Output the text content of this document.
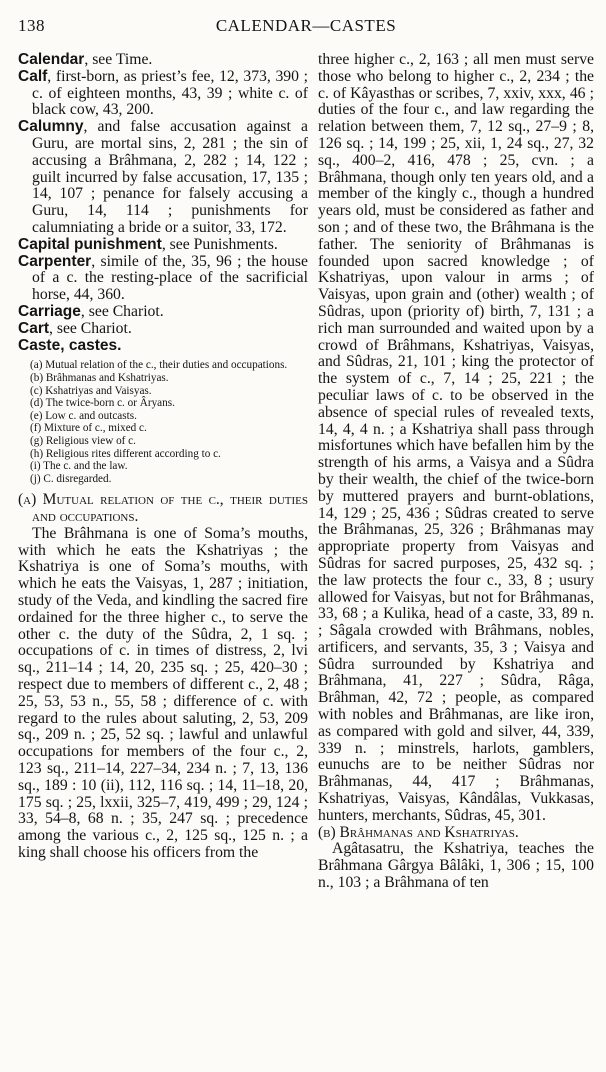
138	CALENDAR—CASTES

Calendar, see Time.

Calf, first-born, as priest’s fee, 12, 373, 390 ; c. of eighteen months, 43, 39 ; white c. of black cow, 43, 200.

Calumny, and false accusation against a Guru, are mortal sins, 2, 281 ; the sin of accusing a Brâhmana, 2, 282 ; 14, 122 ; guilt incurred by false accusation, 17, 135 ; 14, 107 ; penance for falsely accusing a Guru, 14, 114 ; punishments for calumniating a bride or a suitor, 33, 172.

Capital punishment, see Punishments.

Carpenter, simile of the, 35, 96 ; the house of a c. the resting-place of the sacrificial horse, 44, 360.

Carriage, see Chariot.

Cart, see Chariot.

Caste, castes.

(a) Mutual relation of the c., their duties and occupations.
(b) Brâhmanas and Kshatriyas.
(c) Kshatriyas and Vaisyas.
(d) The twice-born c. or Âryans.
(e) Low c. and outcasts.
(f) Mixture of c., mixed c.
(g) Religious view of c.
(h) Religious rites different according to c.
(i) The c. and the law.
(j) C. disregarded.

(a) Mutual relation of the c., their duties and occupations.

The Brâhmana is one of Soma’s mouths, with which he eats the Kshatriyas ; the Kshatriya is one of Soma’s mouths, with which he eats the Vaisyas, 1, 287 ; initiation, study of the Veda, and kindling the sacred fire ordained for the three higher c., to serve the other c. the duty of the Sûdra, 2, 1 sq. ; occupations of c. in times of distress, 2, lvi sq., 211–14 ; 14, 20, 235 sq. ; 25, 420–30 ; respect due to members of different c., 2, 48 ; 25, 53, 53 n., 55, 58 ; difference of c. with regard to the rules about saluting, 2, 53, 209 sq., 209 n. ; 25, 52 sq. ; lawful and unlawful occupations for members of the four c., 2, 123 sq., 211–14, 227–34, 234 n. ; 7, 13, 136 sq., 189 : 10 (ii), 112, 116 sq. ; 14, 11–18, 20, 175 sq. ; 25, lxxii, 325–7, 419, 499 ; 29, 124 ; 33, 54–8, 68 n. ; 35, 247 sq. ; precedence among the various c., 2, 125 sq., 125 n. ; a king shall choose his officers from the

three higher c., 2, 163 ; all men must serve those who belong to higher c., 2, 234 ; the c. of Kâyasthas or scribes, 7, xxiv, xxx, 46 ; duties of the four c., and law regarding the relation between them, 7, 12 sq., 27–9 ; 8, 126 sq. ; 14, 199 ; 25, xii, 1, 24 sq., 27, 32 sq., 400–2, 416, 478 ; 25, cvn. ; a Brâhmana, though only ten years old, and a member of the kingly c., though a hundred years old, must be considered as father and son ; and of these two, the Brâhmana is the father. The seniority of Brâhmanas is founded upon sacred knowledge ; of Kshatriyas, upon valour in arms ; of Vaisyas, upon grain and (other) wealth ; of Sûdras, upon (priority of) birth, 7, 131 ; a rich man surrounded and waited upon by a crowd of Brâhmans, Kshatriyas, Vaisyas, and Sûdras, 21, 101 ; king the protector of the system of c., 7, 14 ; 25, 221 ; the peculiar laws of c. to be observed in the absence of special rules of revealed texts, 14, 4, 4 n. ; a Kshatriya shall pass through misfortunes which have befallen him by the strength of his arms, a Vaisya and a Sûdra by their wealth, the chief of the twice-born by muttered prayers and burnt-oblations, 14, 129 ; 25, 436 ; Sûdras created to serve the Brâhmanas, 25, 326 ; Brâhmanas may appropriate property from Vaisyas and Sûdras for sacred purposes, 25, 432 sq. ; the law protects the four c., 33, 8 ; usury allowed for Vaisyas, but not for Brâhmanas, 33, 68 ; a Kulika, head of a caste, 33, 89 n. ; Sâgala crowded with Brâhmans, nobles, artificers, and servants, 35, 3 ; Vaisya and Sûdra surrounded by Kshatriya and Brâhmana, 41, 227 ; Sûdra, Râga, Brâhman, 42, 72 ; people, as compared with nobles and Brâhmanas, are like iron, as compared with gold and silver, 44, 339, 339 n. ; minstrels, harlots, gamblers, eunuchs are to be neither Sûdras nor Brâhmanas, 44, 417 ; Brâhmanas, Kshatriyas, Vaisyas, Kândâlas, Vukkasas, hunters, merchants, Sûdras, 45, 301.

(b) Brâhmanas and Kshatriyas.

Agâtasatru, the Kshatriya, teaches the Brâhmana Gârgya Bâlâki, 1, 306 ; 15, 100 n., 103 ; a Brâhmana of ten
